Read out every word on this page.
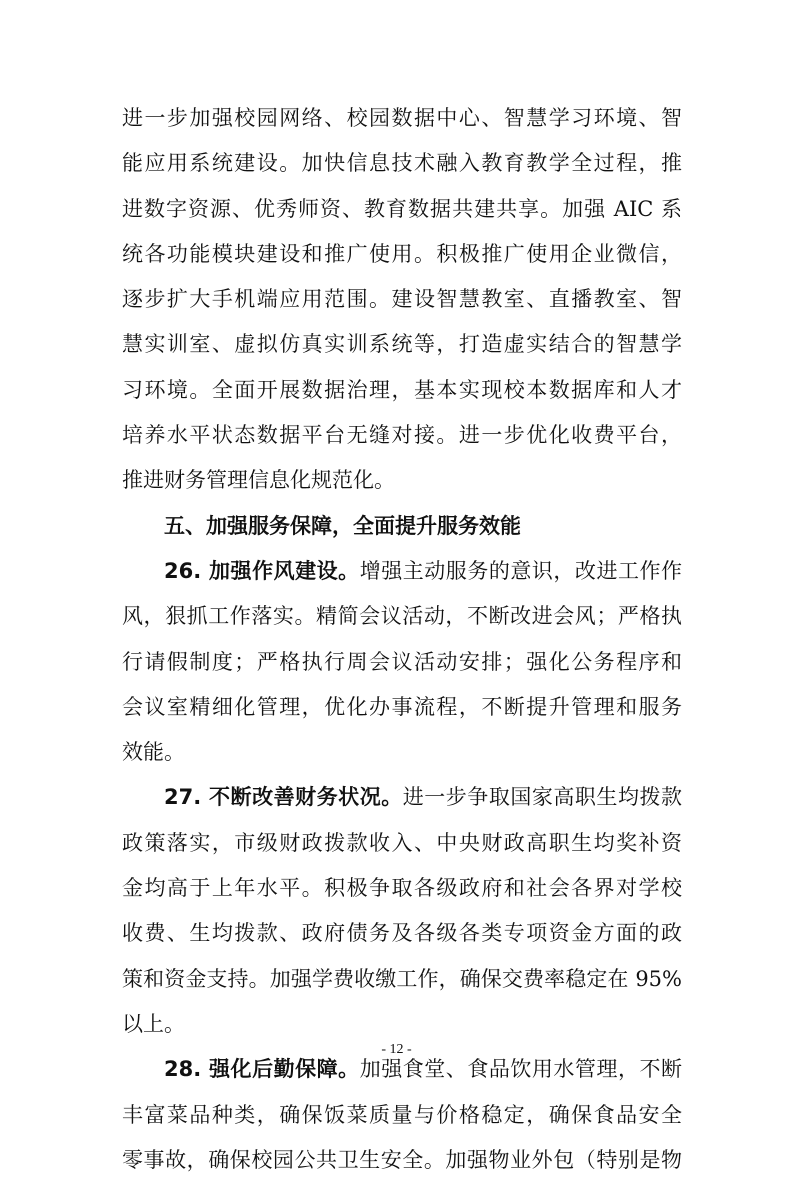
进一步加强校园网络、校园数据中心、智慧学习环境、智
能应用系统建设。加快信息技术融入教育教学全过程，推
进数字资源、优秀师资、教育数据共建共享。加强 AIC 系
统各功能模块建设和推广使用。积极推广使用企业微信，
逐步扩大手机端应用范围。建设智慧教室、直播教室、智
慧实训室、虚拟仿真实训系统等，打造虚实结合的智慧学
习环境。全面开展数据治理，基本实现校本数据库和人才
培养水平状态数据平台无缝对接。进一步优化收费平台，
推进财务管理信息化规范化。
五、加强服务保障，全面提升服务效能
26. 加强作风建设。增强主动服务的意识，改进工作作
风，狠抓工作落实。精简会议活动，不断改进会风；严格执
行请假制度；严格执行周会议活动安排；强化公务程序和
会议室精细化管理，优化办事流程，不断提升管理和服务
效能。
27. 不断改善财务状况。进一步争取国家高职生均拨款
政策落实，市级财政拨款收入、中央财政高职生均奖补资
金均高于上年水平。积极争取各级政府和社会各界对学校
收费、生均拨款、政府债务及各级各类专项资金方面的政
策和资金支持。加强学费收缴工作，确保交费率稳定在 95%
以上。
28. 强化后勤保障。加强食堂、食品饮用水管理，不断
丰富菜品种类，确保饭菜质量与价格稳定，确保食品安全
零事故，确保校园公共卫生安全。加强物业外包（特别是物
- 12 -
